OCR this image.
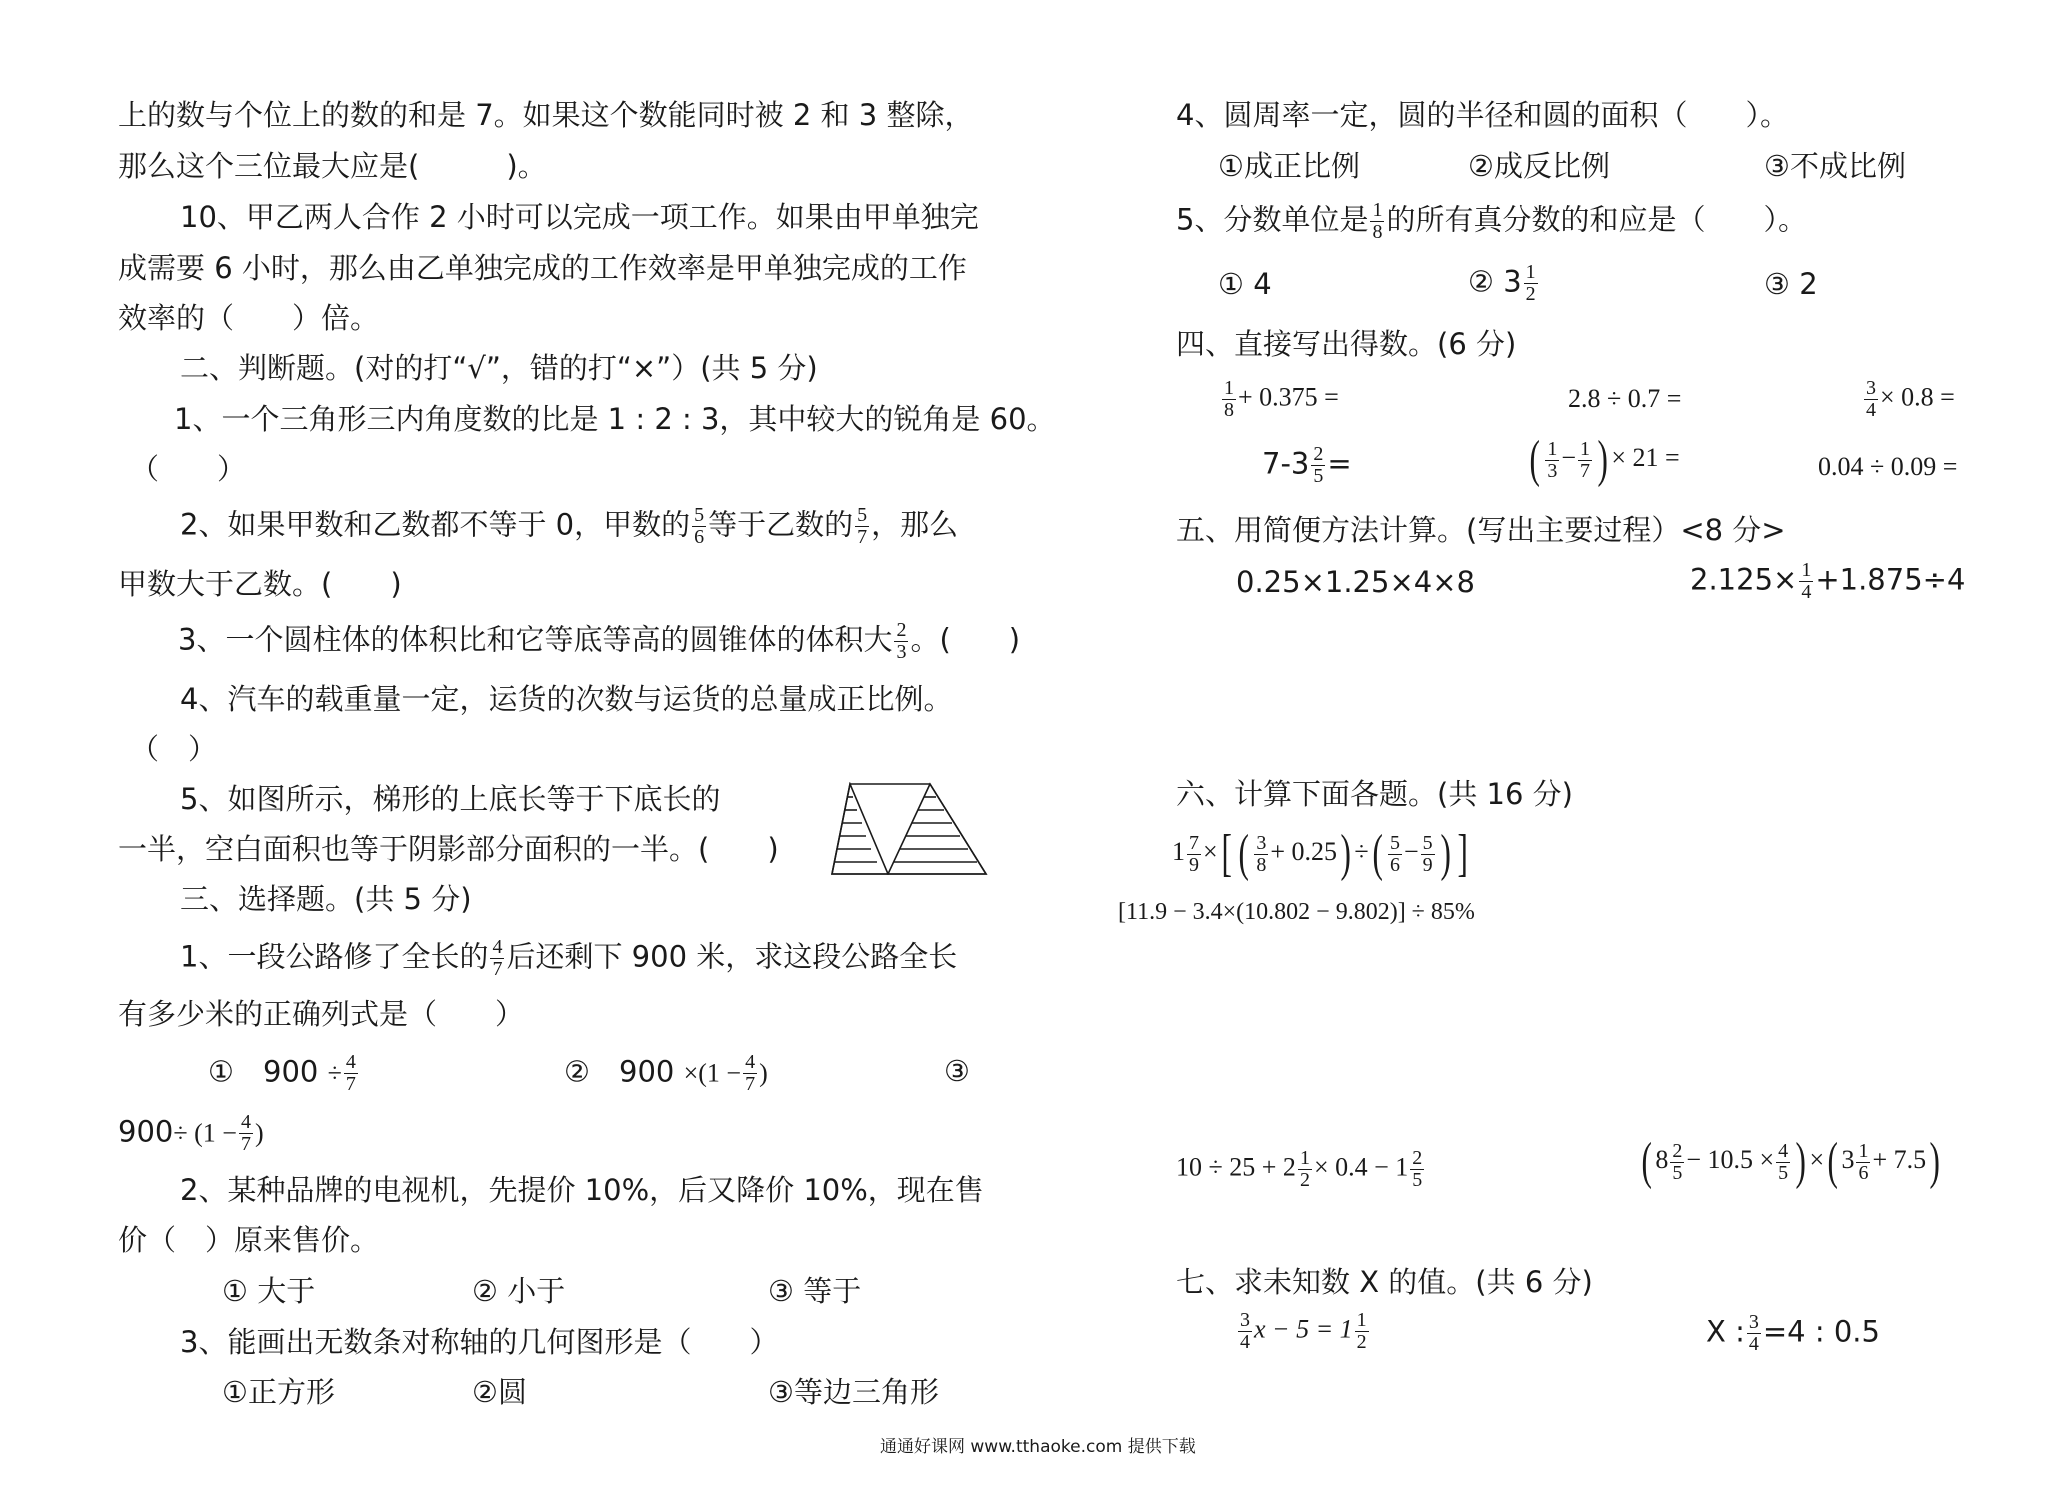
上的数与个位上的数的和是 7。如果这个数能同时被 2 和 3 整除，
那么这个三位最大应是(　　　)。
10、甲乙两人合作 2 小时可以完成一项工作。如果由甲单独完
成需要 6 小时，那么由乙单独完成的工作效率是甲单独完成的工作
效率的（　　）倍。
二、判断题。(对的打“√”，错的打“×”）(共 5 分)
1、一个三角形三内角度数的比是 1 : 2 : 3，其中较大的锐角是 60。
（　　）
2、如果甲数和乙数都不等于 0，甲数的 $\frac{5}{6}$ 等于乙数的 $\frac{5}{7}$ ，那么
甲数大于乙数。(　　)
3、一个圆柱体的体积比和它等底等高的圆锥体的体积大 $\frac{2}{3}$ 。(　　)
4、汽车的载重量一定，运货的次数与运货的总量成正比例。
（　）
5、如图所示，梯形的上底长等于下底长的
一半，空白面积也等于阴影部分面积的一半。(　　)
三、选择题。(共 5 分)
1、一段公路修了全长的 $\frac{4}{7}$ 后还剩下 900 米，求这段公路全长
有多少米的正确列式是（　　）
①　$900 \div \frac{4}{7}$	②　$900 \times(1 - \frac{4}{7}$ )	③
$900\div (1 - \frac{4}{7}$ )
2、某种品牌的电视机，先提价 10%，后又降价 10%，现在售
价（　）原来售价。
① 大于	② 小于	③ 等于
3、能画出无数条对称轴的几何图形是（　　）
①正方形	②圆	③等边三角形
4、圆周率一定，圆的半径和圆的面积（　　）。
①成正比例	②成反比例	③不成比例
5、分数单位是 $\frac{1}{8}$ 的所有真分数的和应是（　　）。
① 4	② $3 \frac{1}{2}$	③ 2
四、直接写出得数。(6 分)
$\frac{1}{8} + 0.375$ =	2.8 ÷ 0.7 =	$\frac{3}{4} \times 0.8$ =
$7-3 \frac{2}{5}$ =	( $\frac{1}{3} - \frac{1}{7}$ ) × 21 =	0.04 ÷ 0.09 =
五、用简便方法计算。(写出主要过程）<8 分>
0.25×1.25×4×8	$2.125\times \frac{1}{4} +1.875\div 4$
六、计算下面各题。(共 16 分)
$1 \frac{7}{9}$ ×[ ( $\frac{3}{8} + 0.25$) ÷( $\frac{5}{6} - \frac{5}{9}$ ) ]
[11.9 − 3.4×(10.802 − 9.802)] ÷ 85%
$10 \div 25 + 2 \frac{1}{2} \times 0.4 - 1 \frac{2}{5}$	( $8 \frac{2}{5} - 10.5 \times \frac{4}{5}$ ) ×( $3 \frac{1}{6} + 7.5$)
七、求未知数 X 的值。(共 6 分)
$\frac{3}{4}$ $x - 5 = 1 \frac{1}{2}$	X : $\frac{3}{4} =4$ : 0.5
通通好课网 www.tthaoke.com 提供下载
